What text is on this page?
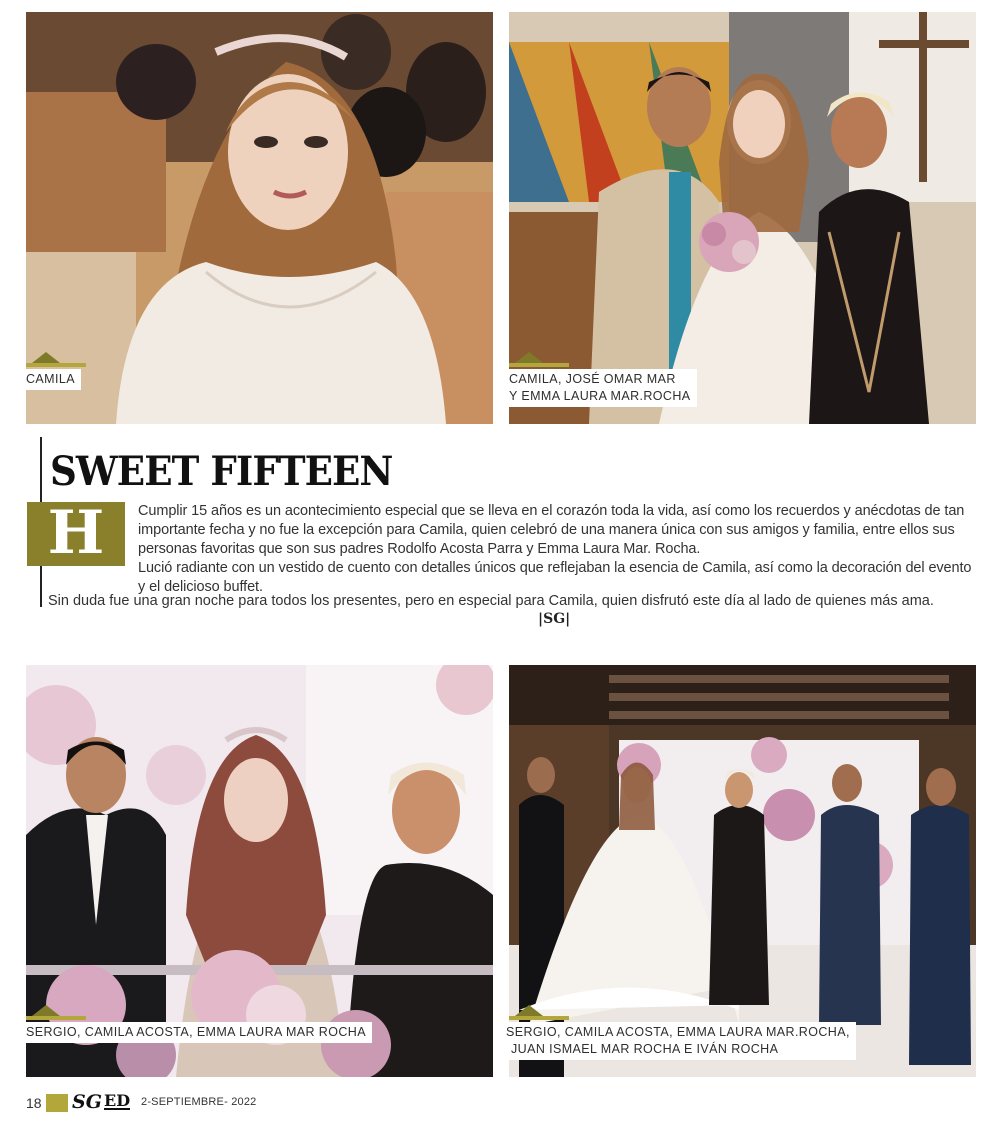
CAMILA	CAMILA, JOSÉ OMAR MAR
Y EMMA LAURA MAR.ROCHA
SWEET FIFTEEN
H	Cumplir 15 años es un acontecimiento especial que se lleva en el corazón toda la vida, así como los recuerdos y anécdotas de tan importante fecha y no fue la excepción para Camila, quien celebró de una manera única con sus amigos y familia, entre ellos sus personas favoritas que son sus padres Rodolfo Acosta Parra y Emma Laura Mar. Rocha.

Lució radiante con un vestido de cuento con detalles únicos que reflejaban la esencia de Camila, así como la decoración del evento y el delicioso buffet.

Sin duda fue una gran noche para todos los presentes, pero en especial para Camila, quien disfrutó este día al lado de quienes más ama.
|SG|
SERGIO, CAMILA ACOSTA, EMMA LAURA MAR ROCHA	SERGIO, CAMILA ACOSTA, EMMA LAURA MAR.ROCHA,
JUAN ISMAEL MAR ROCHA E IVÁN ROCHA
18 SG ED 2-SEPTIEMBRE- 2022
